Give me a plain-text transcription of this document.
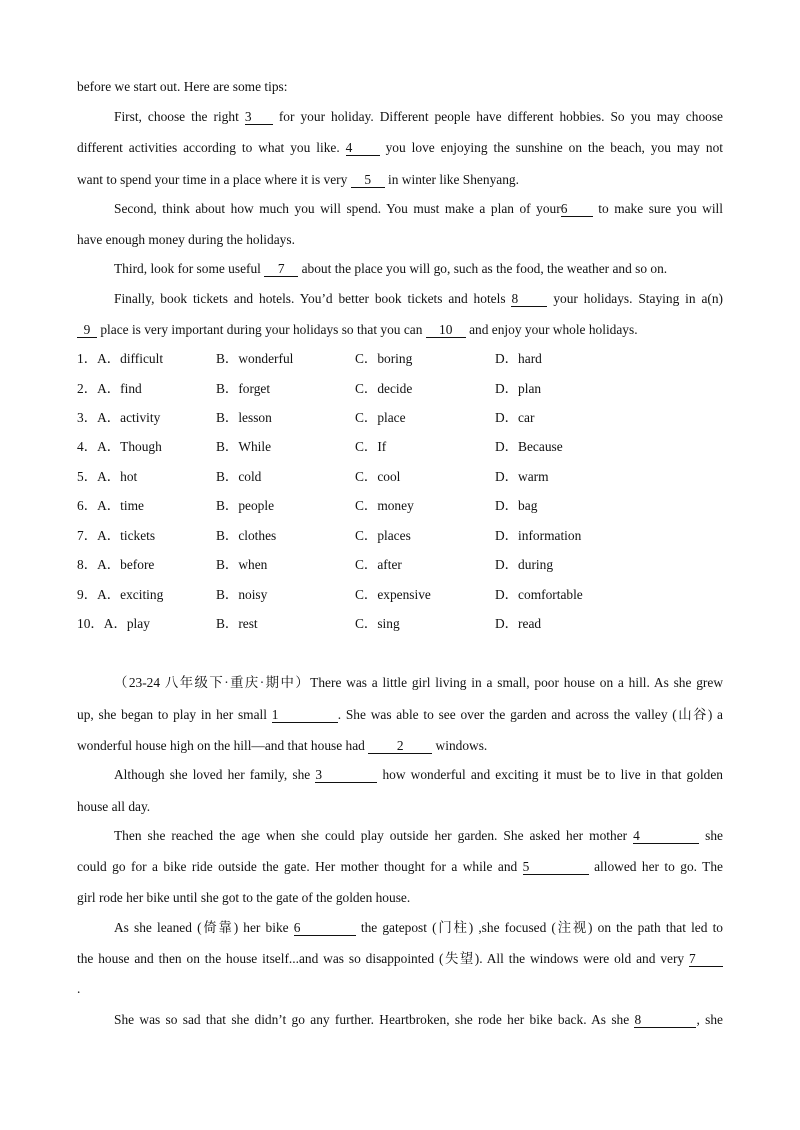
before we start out. Here are some tips:
First, choose the right 3 for your holiday. Different people have different hobbies. So you may choose
different activities according to what you like. 4 you love enjoying the sunshine on the beach, you may not
want to spend your time in a place where it is very 5 in winter like Shenyang.
Second, think about how much you will spend. You must make a plan of your6 to make sure you will
have enough money during the holidays.
Third, look for some useful 7 about the place you will go, such as the food, the weather and so on.
Finally, book tickets and hotels. You’d better book tickets and hotels 8 your holidays. Staying in a(n)
9 place is very important during your holidays so that you can 10 and enjoy your whole holidays.
1．A．difficult	B．wonderful	C．boring	D．hard
2．A．find	B．forget	C．decide	D．plan
3．A．activity	B．lesson	C．place	D．car
4．A．Though	B．While	C．If	D．Because
5．A．hot	B．cold	C．cool	D．warm
6．A．time	B．people	C．money	D．bag
7．A．tickets	B．clothes	C．places	D．information
8．A．before	B．when	C．after	D．during
9．A．exciting	B．noisy	C．expensive	D．comfortable
10．A．play	B．rest	C．sing	D．read
（23-24 八年级下·重庆·期中）There was a little girl living in a small, poor house on a hill. As she grew
up, she began to play in her small 1	. She was able to see over the garden and across the valley (山谷) a
wonderful house high on the hill—and that house had 2 windows.
Although she loved her family, she 3	how wonderful and exciting it must be to live in that golden
house all day.
Then she reached the age when she could play outside her garden. She asked her mother 4	she
could go for a bike ride outside the gate. Her mother thought for a while and 5	allowed her to go. The
girl rode her bike until she got to the gate of the golden house.
As she leaned (倚靠) her bike 6	the gatepost (门柱) ,she focused (注视) on the path that led to
the house and then on the house itself...and was so disappointed (失望). All the windows were old and very 7
.
She was so sad that she didn’t go any further. Heartbroken, she rode her bike back. As she 8	, she
